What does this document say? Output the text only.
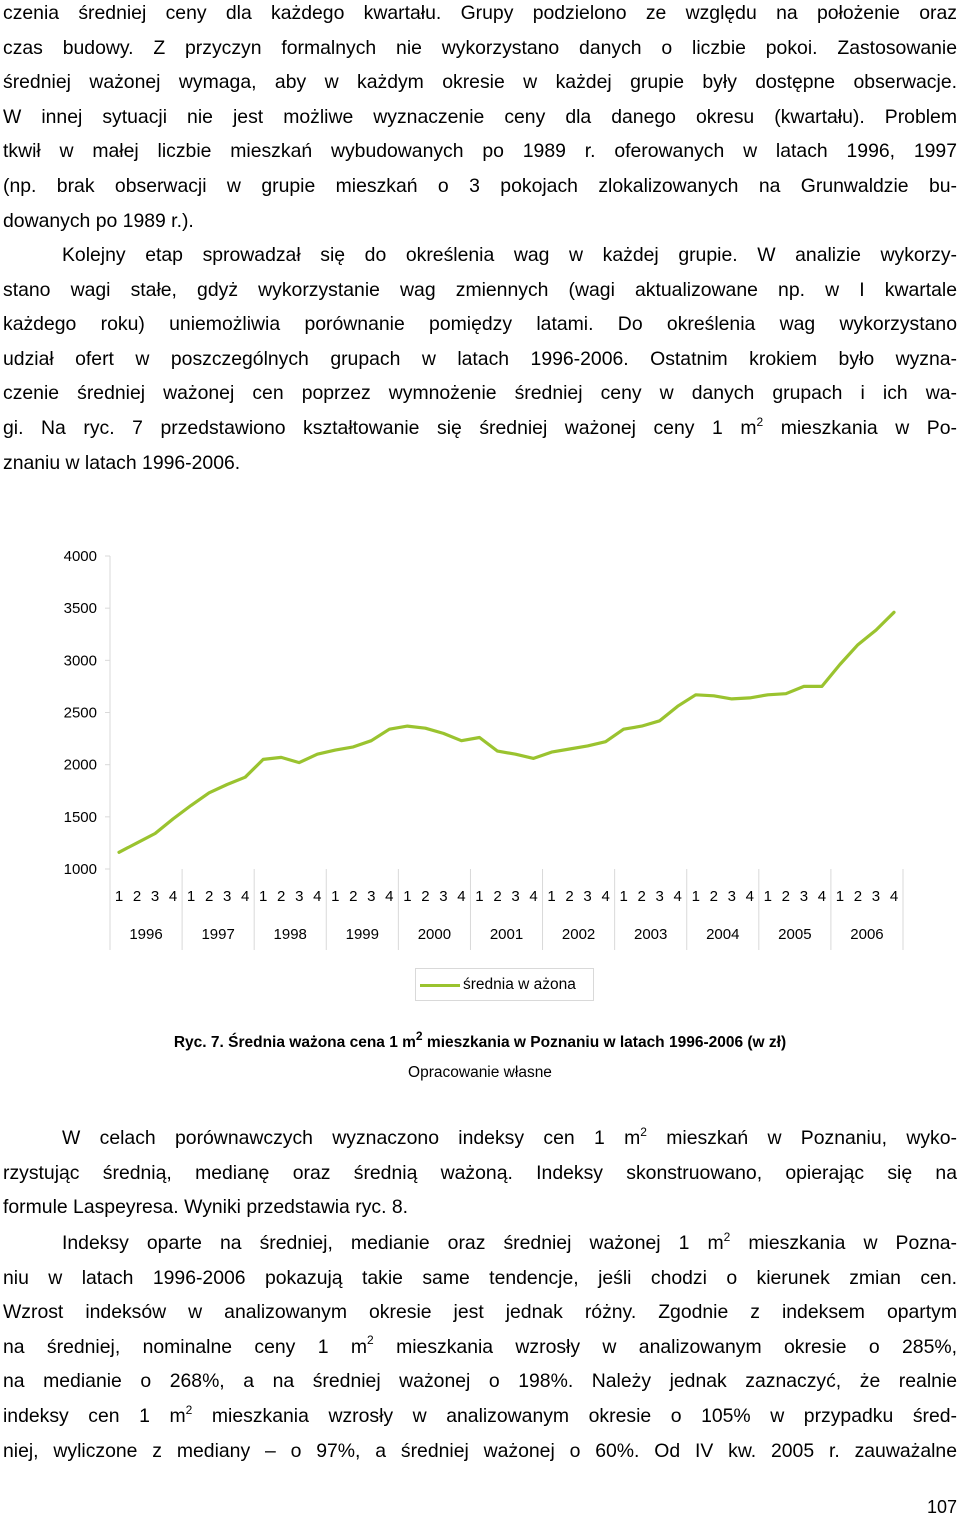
czenia średniej ceny dla każdego kwartału. Grupy podzielono ze względu na położenie oraz
czas budowy. Z przyczyn formalnych nie wykorzystano danych o liczbie pokoi. Zastosowanie
średniej ważonej wymaga, aby w każdym okresie w każdej grupie były dostępne obserwacje.
W innej sytuacji nie jest możliwe wyznaczenie ceny dla danego okresu (kwartału). Problem
tkwił w małej liczbie mieszkań wybudowanych po 1989 r. oferowanych w latach 1996, 1997
(np. brak obserwacji w grupie mieszkań o 3 pokojach zlokalizowanych na Grunwaldzie bu-
dowanych po 1989 r.).
Kolejny etap sprowadzał się do określenia wag w każdej grupie. W analizie wykorzy-
stano wagi stałe, gdyż wykorzystanie wag zmiennych (wagi aktualizowane np. w I kwartale
każdego roku) uniemożliwia porównanie pomiędzy latami. Do określenia wag wykorzystano
udział ofert w poszczególnych grupach w latach 1996-2006. Ostatnim krokiem było wyzna-
czenie średniej ważonej cen poprzez wymnożenie średniej ceny w danych grupach i ich wa-
gi. Na ryc. 7 przedstawiono kształtowanie się średniej ważonej ceny 1 $m^2$ mieszkania w Po-
znaniu w latach 1996-2006.
4000
3500
3000
2500
2000
1500
1000
1 2 3 4 1 2 3 4 1 2 3 4 1 2 3 4 1 2 3 4 1 2 3 4 1 2 3 4 1 2 3 4 1 2 3 4 1 2 3 4 1 2 3 4
1996	1997	1998	1999	2000	2001	2002	2003	2004	2005	2006
średnia w ażona
Ryc. 7. Średnia ważona cena 1 $m^2$ mieszkania w Poznaniu w latach 1996-2006 (w zł)
Opracowanie własne
W celach porównawczych wyznaczono indeksy cen 1 $m^2$ mieszkań w Poznaniu, wyko-
rzystując średnią, medianę oraz średnią ważoną. Indeksy skonstruowano, opierając się na
formule Laspeyresa. Wyniki przedstawia ryc. 8.
Indeksy oparte na średniej, medianie oraz średniej ważonej 1 $m^2$ mieszkania w Pozna-
niu w latach 1996-2006 pokazują takie same tendencje, jeśli chodzi o kierunek zmian cen.
Wzrost indeksów w analizowanym okresie jest jednak różny. Zgodnie z indeksem opartym
na średniej, nominalne ceny 1 $m^2$ mieszkania wzrosły w analizowanym okresie o 285%,
na medianie o 268%, a na średniej ważonej o 198%. Należy jednak zaznaczyć, że realnie
indeksy cen 1 $m^2$ mieszkania wzrosły w analizowanym okresie o 105% w przypadku śred-
niej, wyliczone z mediany – o 97%, a średniej ważonej o 60%. Od IV kw. 2005 r. zauważalne
107
